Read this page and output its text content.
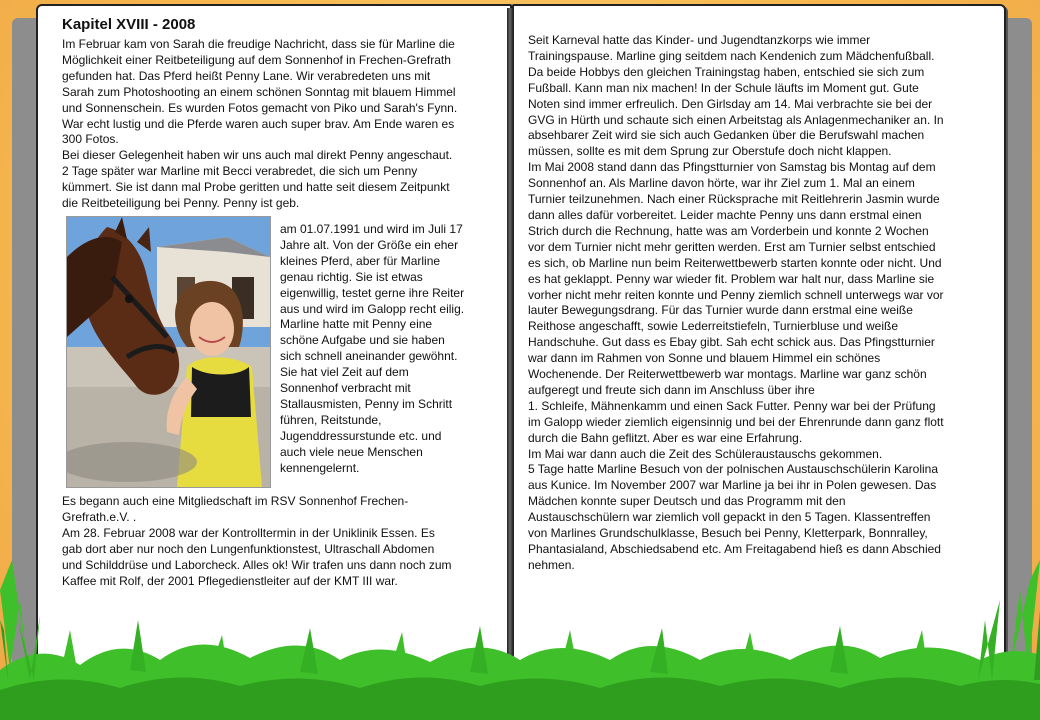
Kapitel XVIII - 2008

Im Februar kam von Sarah die freudige Nachricht, dass sie für Marline die
Möglichkeit einer Reitbeteiligung auf dem Sonnenhof in Frechen-Grefrath
gefunden hat. Das Pferd heißt Penny Lane. Wir verabredeten uns mit
Sarah zum Photoshooting an einem schönen Sonntag mit blauem Himmel
und Sonnenschein. Es wurden Fotos gemacht von Piko und Sarah's Fynn.
War echt lustig und die Pferde waren auch super brav. Am Ende waren es
300 Fotos.
Bei dieser Gelegenheit haben wir uns auch mal direkt Penny angeschaut.
2 Tage später war Marline mit Becci verabredet, die sich um Penny
kümmert. Sie ist dann mal Probe geritten und hatte seit diesem Zeitpunkt
die Reitbeteiligung bei Penny. Penny ist geb.

am 01.07.1991 und wird im Juli 17
Jahre alt. Von der Größe ein eher
kleines Pferd, aber für Marline
genau richtig. Sie ist etwas
eigenwillig, testet gerne ihre Reiter
aus und wird im Galopp recht eilig.
Marline hatte mit Penny eine
schöne Aufgabe und sie haben
sich schnell aneinander gewöhnt.
Sie hat viel Zeit auf dem
Sonnenhof verbracht mit
Stallausmisten, Penny im Schritt
führen, Reitstunde,
Jugenddressurstunde etc. und
auch viele neue Menschen
kennengelernt.

Es begann auch eine Mitgliedschaft im RSV Sonnenhof Frechen-
Grefrath.e.V. .
Am 28. Februar 2008 war der Kontrolltermin in der Uniklinik Essen. Es
gab dort aber nur noch den Lungenfunktionstest, Ultraschall Abdomen
und Schilddrüse und Laborcheck. Alles ok! Wir trafen uns dann noch zum
Kaffee mit Rolf, der 2001 Pflegedienstleiter auf der KMT III war.

Seit Karneval hatte das Kinder- und Jugendtanzkorps wie immer
Trainingspause. Marline ging seitdem nach Kendenich zum Mädchenfußball.
Da beide Hobbys den gleichen Trainingstag haben, entschied sie sich zum
Fußball. Kann man nix machen! In der Schule läufts im Moment gut. Gute
Noten sind immer erfreulich. Den Girlsday am 14. Mai verbrachte sie bei der
GVG in Hürth und schaute sich einen Arbeitstag als Anlagenmechaniker an. In
absehbarer Zeit wird sie sich auch Gedanken über die Berufswahl machen
müssen, sollte es mit dem Sprung zur Oberstufe doch nicht klappen.
Im Mai 2008 stand dann das Pfingstturnier von Samstag bis Montag auf dem
Sonnenhof an. Als Marline davon hörte, war ihr Ziel zum 1. Mal an einem
Turnier teilzunehmen. Nach einer Rücksprache mit Reitlehrerin Jasmin wurde
dann alles dafür vorbereitet. Leider machte Penny uns dann erstmal einen
Strich durch die Rechnung, hatte was am Vorderbein und konnte 2 Wochen
vor dem Turnier nicht mehr geritten werden. Erst am Turnier selbst entschied
es sich, ob Marline nun beim Reiterwettbewerb starten konnte oder nicht. Und
es hat geklappt. Penny war wieder fit. Problem war halt nur, dass Marline sie
vorher nicht mehr reiten konnte und Penny ziemlich schnell unterwegs war vor
lauter Bewegungsdrang. Für das Turnier wurde dann erstmal eine weiße
Reithose angeschafft, sowie Lederreitstiefeln, Turnierbluse und weiße
Handschuhe. Gut dass es Ebay gibt. Sah echt schick aus. Das Pfingstturnier
war dann im Rahmen von Sonne und blauem Himmel ein schönes
Wochenende. Der Reiterwettbewerb war montags. Marline war ganz schön
aufgeregt und freute sich dann im Anschluss über ihre
1. Schleife, Mähnenkamm und einen Sack Futter. Penny war bei der Prüfung
im Galopp wieder ziemlich eigensinnig und bei der Ehrenrunde dann ganz flott
durch die Bahn geflitzt. Aber es war eine Erfahrung.
Im Mai war dann auch die Zeit des Schüleraustauschs gekommen.
5 Tage hatte Marline Besuch von der polnischen Austauschschülerin Karolina
aus Kunice. Im November 2007 war Marline ja bei ihr in Polen gewesen. Das
Mädchen konnte super Deutsch und das Programm mit den
Austauschschülern war ziemlich voll gepackt in den 5 Tagen. Klassentreffen
von Marlines Grundschulklasse, Besuch bei Penny, Kletterpark, Bonnralley,
Phantasialand, Abschiedsabend etc. Am Freitagabend hieß es dann Abschied
nehmen.
